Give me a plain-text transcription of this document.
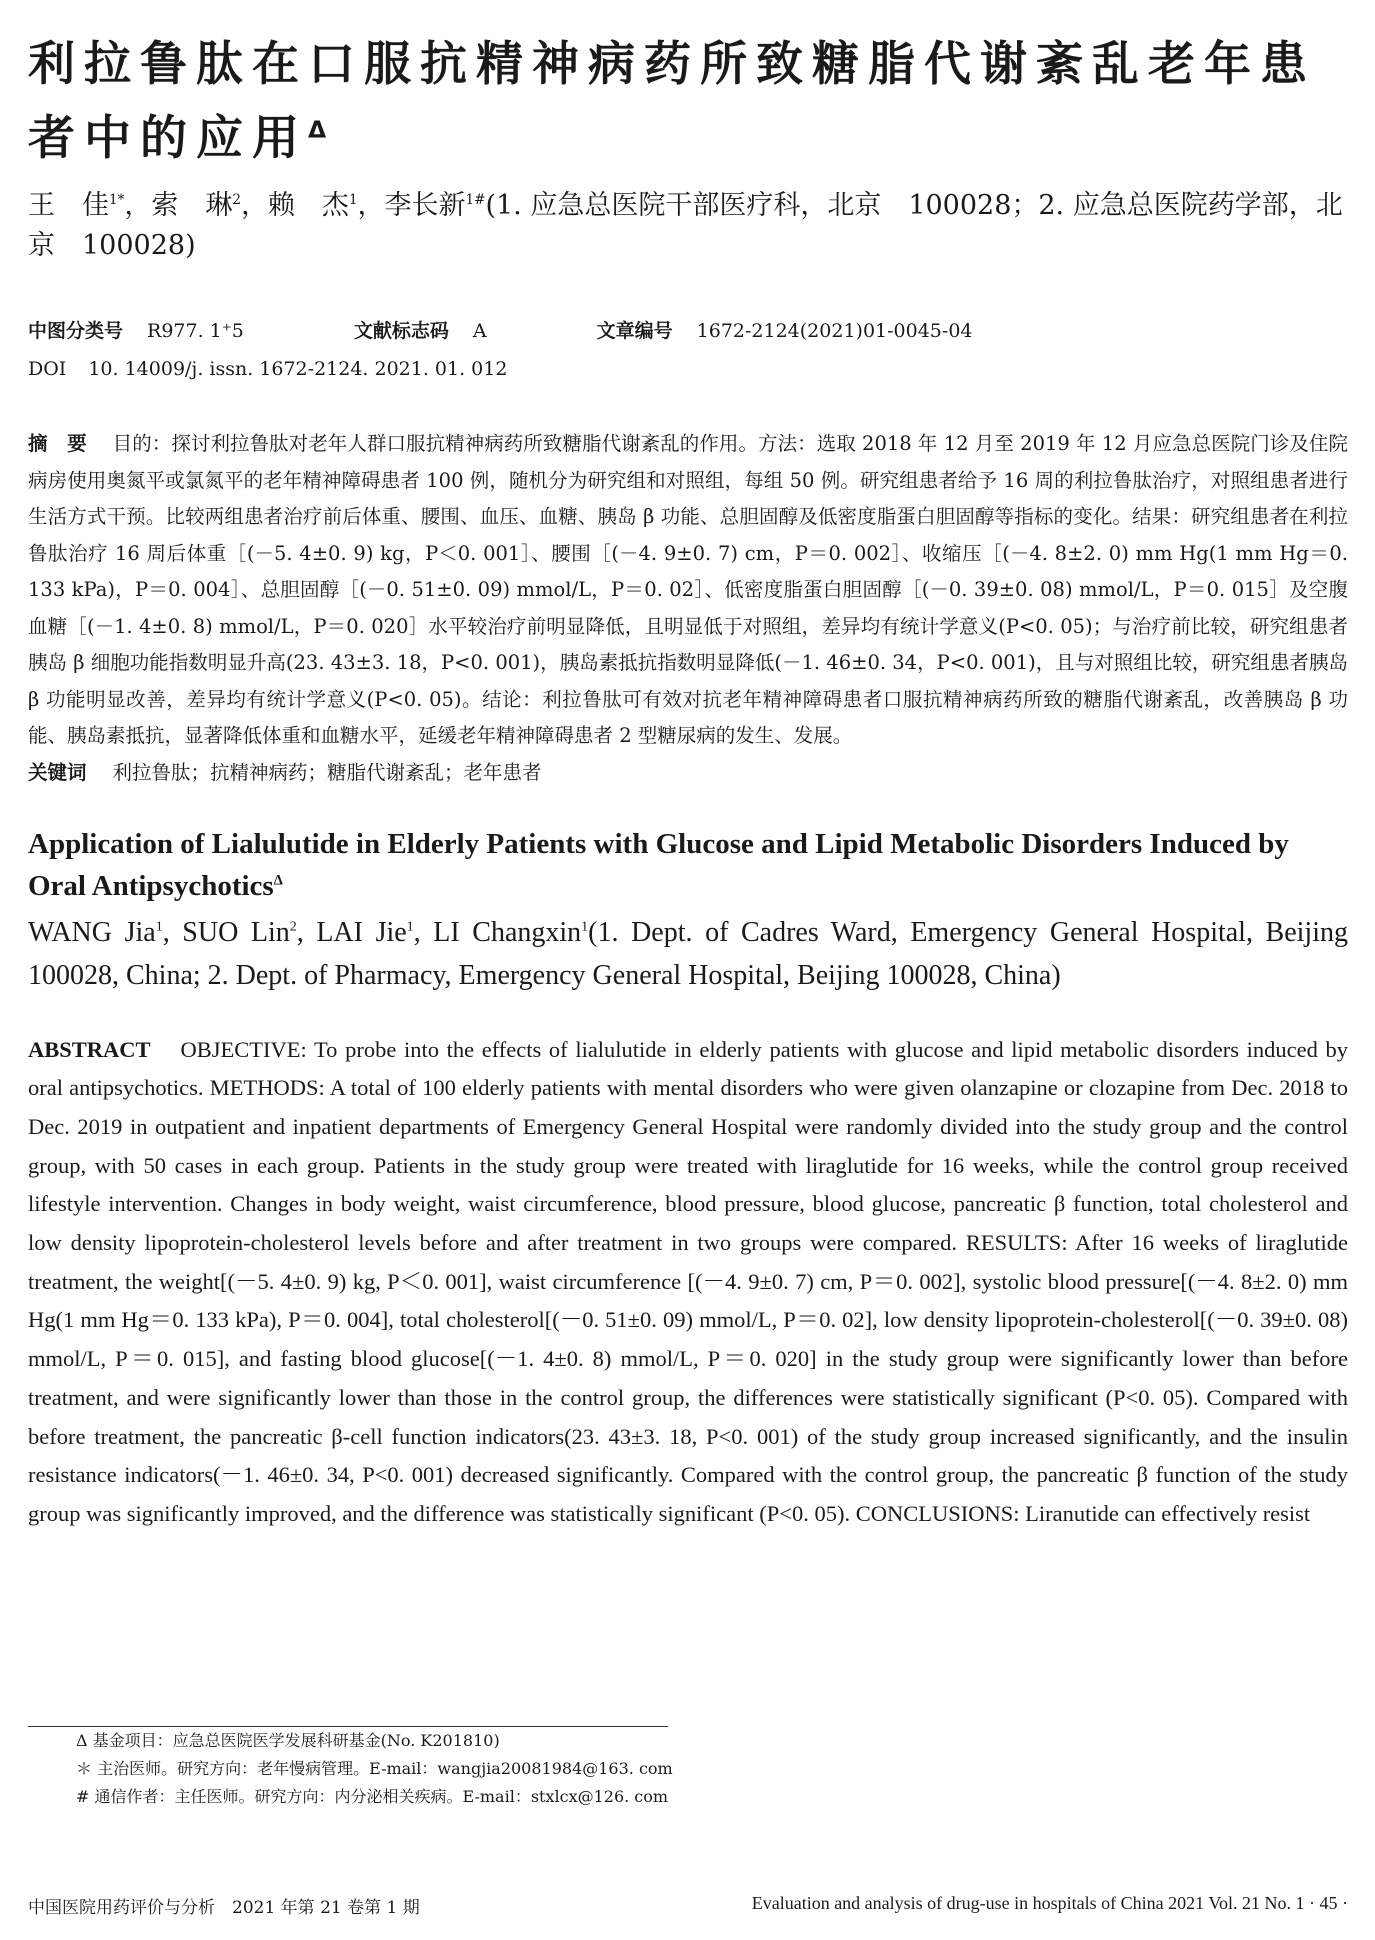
利拉鲁肽在口服抗精神病药所致糖脂代谢紊乱老年患者中的应用$^\Delta$
王　佳$^{1*}$，索　琳$^2$，赖　杰$^1$，李长新$^{1\#}$(1. 应急总医院干部医疗科，北京　100028；2. 应急总医院药学部，北京　100028)
中图分类号 R977. 1⁺5	文献标志码 A	文章编号 1672-2124(2021)01-0045-04
DOI 10. 14009/j. issn. 1672-2124. 2021. 01. 012
摘　要 目的：探讨利拉鲁肽对老年人群口服抗精神病药所致糖脂代谢紊乱的作用。方法：选取 2018 年 12 月至 2019 年 12 月应急总医院门诊及住院病房使用奥氮平或氯氮平的老年精神障碍患者 100 例，随机分为研究组和对照组，每组 50 例。研究组患者给予 16 周的利拉鲁肽治疗，对照组患者进行生活方式干预。比较两组患者治疗前后体重、腰围、血压、血糖、胰岛 β 功能、总胆固醇及低密度脂蛋白胆固醇等指标的变化。结果：研究组患者在利拉鲁肽治疗 16 周后体重［(－5. 4±0. 9) kg，P＜0. 001］、腰围［(－4. 9±0. 7) cm，P＝0. 002］、收缩压［(－4. 8±2. 0) mm Hg(1 mm Hg＝0. 133 kPa)，P＝0. 004］、总胆固醇［(－0. 51±0. 09) mmol/L，P＝0. 02］、低密度脂蛋白胆固醇［(－0. 39±0. 08) mmol/L，P＝0. 015］及空腹血糖［(－1. 4±0. 8) mmol/L，P＝0. 020］水平较治疗前明显降低，且明显低于对照组，差异均有统计学意义(P<0. 05)；与治疗前比较，研究组患者胰岛 β 细胞功能指数明显升高(23. 43±3. 18，P<0. 001)，胰岛素抵抗指数明显降低(－1. 46±0. 34，P<0. 001)，且与对照组比较，研究组患者胰岛 β 功能明显改善，差异均有统计学意义(P<0. 05)。结论：利拉鲁肽可有效对抗老年精神障碍患者口服抗精神病药所致的糖脂代谢紊乱，改善胰岛 β 功能、胰岛素抵抗，显著降低体重和血糖水平，延缓老年精神障碍患者 2 型糖尿病的发生、发展。
关键词 利拉鲁肽；抗精神病药；糖脂代谢紊乱；老年患者
Application of Lialulutide in Elderly Patients with Glucose and Lipid Metabolic Disorders Induced by Oral Antipsychotics$^\Delta$
WANG Jia$^1$, SUO Lin$^2$, LAI Jie$^1$, LI Changxin$^1$(1. Dept. of Cadres Ward, Emergency General Hospital, Beijing 100028, China; 2. Dept. of Pharmacy, Emergency General Hospital, Beijing 100028, China)
ABSTRACT OBJECTIVE: To probe into the effects of lialulutide in elderly patients with glucose and lipid metabolic disorders induced by oral antipsychotics. METHODS: A total of 100 elderly patients with mental disorders who were given olanzapine or clozapine from Dec. 2018 to Dec. 2019 in outpatient and inpatient departments of Emergency General Hospital were randomly divided into the study group and the control group, with 50 cases in each group. Patients in the study group were treated with liraglutide for 16 weeks, while the control group received lifestyle intervention. Changes in body weight, waist circumference, blood pressure, blood glucose, pancreatic β function, total cholesterol and low density lipoprotein-cholesterol levels before and after treatment in two groups were compared. RESULTS: After 16 weeks of liraglutide treatment, the weight[(－5. 4±0. 9) kg, P＜0. 001], waist circumference [(－4. 9±0. 7) cm, P＝0. 002], systolic blood pressure[(－4. 8±2. 0) mm Hg(1 mm Hg＝0. 133 kPa), P＝0. 004], total cholesterol[(－0. 51±0. 09) mmol/L, P＝0. 02], low density lipoprotein-cholesterol[(－0. 39±0. 08) mmol/L, P＝0. 015], and fasting blood glucose[(－1. 4±0. 8) mmol/L, P＝0. 020] in the study group were significantly lower than before treatment, and were significantly lower than those in the control group, the differences were statistically significant (P<0. 05). Compared with before treatment, the pancreatic β-cell function indicators(23. 43±3. 18, P<0. 001) of the study group increased significantly, and the insulin resistance indicators(－1. 46±0. 34, P<0. 001) decreased significantly. Compared with the control group, the pancreatic β function of the study group was significantly improved, and the difference was statistically significant (P<0. 05). CONCLUSIONS: Liranutide can effectively resist
Δ 基金项目：应急总医院医学发展科研基金(No. K201810)
＊ 主治医师。研究方向：老年慢病管理。E-mail：wangjia20081984@163. com
# 通信作者：主任医师。研究方向：内分泌相关疾病。E-mail：stxlcx@126. com
中国医院用药评价与分析　2021 年第 21 卷第 1 期	Evaluation and analysis of drug-use in hospitals of China 2021 Vol. 21 No. 1 · 45 ·
